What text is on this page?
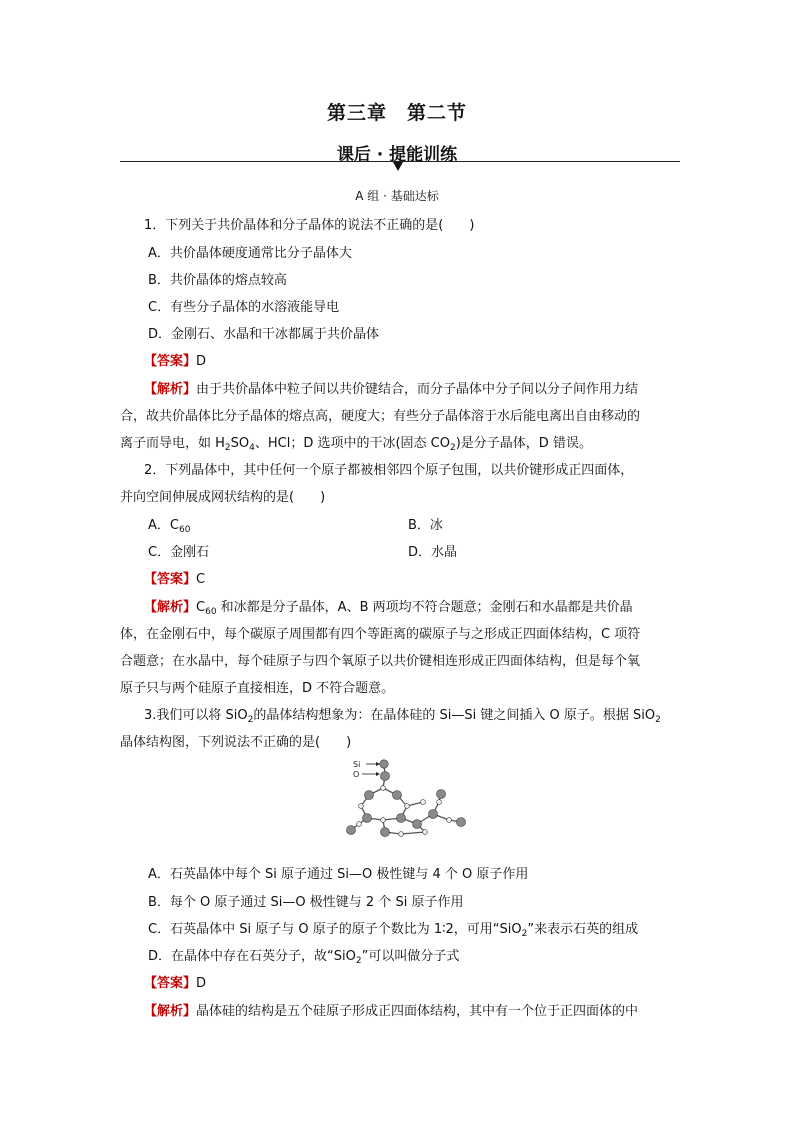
第三章　第二节
课后 · 提能训练
A 组 · 基础达标
1．下列关于共价晶体和分子晶体的说法不正确的是(　　)
A．共价晶体硬度通常比分子晶体大
B．共价晶体的熔点较高
C．有些分子晶体的水溶液能导电
D．金刚石、水晶和干冰都属于共价晶体
【答案】D
【解析】由于共价晶体中粒子间以共价键结合，而分子晶体中分子间以分子间作用力结
合，故共价晶体比分子晶体的熔点高，硬度大；有些分子晶体溶于水后能电离出自由移动的
离子而导电，如 $H_2SO_4$、HCl；D 选项中的干冰(固态 $CO_2$)是分子晶体，D 错误。
2．下列晶体中，其中任何一个原子都被相邻四个原子包围，以共价键形成正四面体，
并向空间伸展成网状结构的是(　　)
A．$C_{60}$	B．冰
C．金刚石	D．水晶
【答案】C
【解析】$C_{60}$ 和冰都是分子晶体，A、B 两项均不符合题意；金刚石和水晶都是共价晶
体，在金刚石中，每个碳原子周围都有四个等距离的碳原子与之形成正四面体结构，C 项符
合题意；在水晶中，每个硅原子与四个氧原子以共价键相连形成正四面体结构，但是每个氧
原子只与两个硅原子直接相连，D 不符合题意。
3.我们可以将 SiO$_2$的晶体结构想象为：在晶体硅的 Si—Si 键之间插入 O 原子。根据 SiO$_2$
晶体结构图，下列说法不正确的是(　　)
Si
O
A．石英晶体中每个 Si 原子通过 Si—O 极性键与 4 个 O 原子作用
B．每个 O 原子通过 Si—O 极性键与 2 个 Si 原子作用
C．石英晶体中 Si 原子与 O 原子的原子个数比为 1∶2，可用“SiO$_2$”来表示石英的组成
D．在晶体中存在石英分子，故“SiO$_2$”可以叫做分子式
【答案】D
【解析】晶体硅的结构是五个硅原子形成正四面体结构，其中有一个位于正四面体的中
